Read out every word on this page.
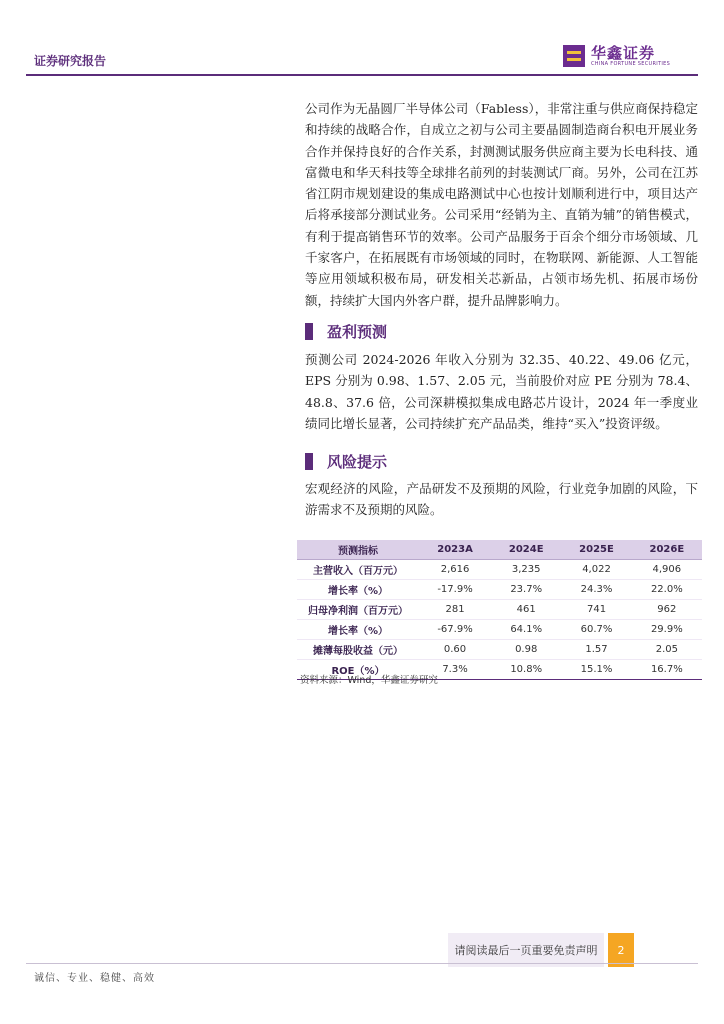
证券研究报告	华鑫证券
CHINA FORTUNE SECURITIES

公司作为无晶圆厂半导体公司（Fabless），非常注重与供应商保持稳定和持续的战略合作，自成立之初与公司主要晶圆制造商台积电开展业务合作并保持良好的合作关系，封测测试服务供应商主要为长电科技、通富微电和华天科技等全球排名前列的封装测试厂商。另外，公司在江苏省江阴市规划建设的集成电路测试中心也按计划顺利进行中，项目达产后将承接部分测试业务。公司采用“经销为主、直销为辅”的销售模式，有利于提高销售环节的效率。公司产品服务于百余个细分市场领域、几千家客户，在拓展既有市场领域的同时，在物联网、新能源、人工智能等应用领域积极布局，研发相关芯新品，占领市场先机、拓展市场份额，持续扩大国内外客户群，提升品牌影响力。

盈利预测

预测公司 2024-2026 年收入分别为 32.35、40.22、49.06 亿元，EPS 分别为 0.98、1.57、2.05 元，当前股价对应 PE 分别为 78.4、48.8、37.6 倍，公司深耕模拟集成电路芯片设计，2024 年一季度业绩同比增长显著，公司持续扩充产品品类，维持“买入”投资评级。

风险提示

宏观经济的风险，产品研发不及预期的风险，行业竞争加剧的风险，下游需求不及预期的风险。

预测指标	2023A	2024E	2025E	2026E
主营收入（百万元）	2,616	3,235	4,022	4,906
增长率（%）	-17.9%	23.7%	24.3%	22.0%
归母净利润（百万元）	281	461	741	962
增长率（%）	-67.9%	64.1%	60.7%	29.9%
摊薄每股收益（元）	0.60	0.98	1.57	2.05
ROE（%）	7.3%	10.8%	15.1%	16.7%
资料来源：Wind，华鑫证券研究
请阅读最后一页重要免责声明	2
诚信、专业、稳健、高效
